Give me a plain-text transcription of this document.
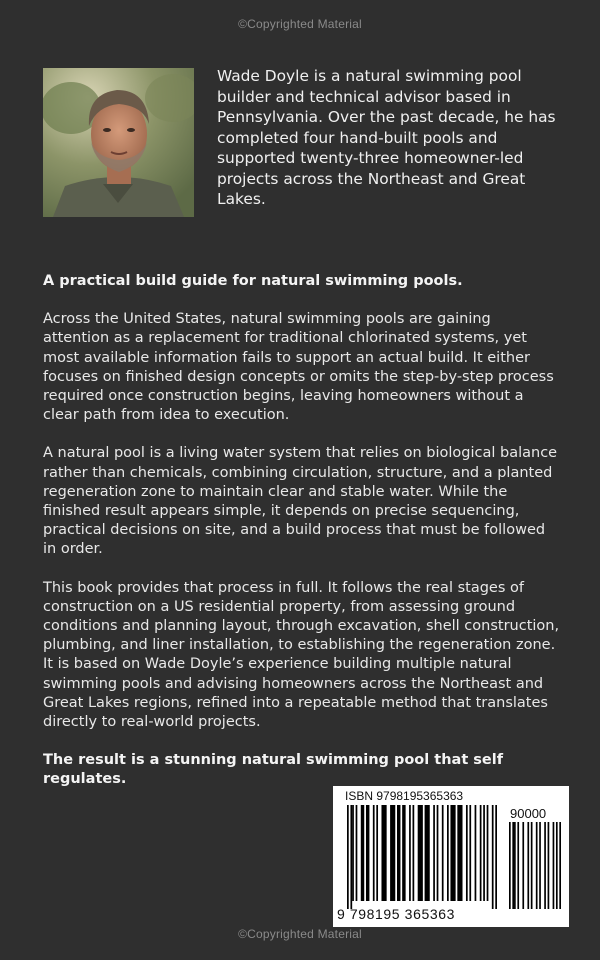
©Copyrighted Material

Wade Doyle is a natural swimming pool builder and technical advisor based in Pennsylvania. Over the past decade, he has completed four hand-built pools and supported twenty-three homeowner-led projects across the Northeast and Great Lakes.

A practical build guide for natural swimming pools.

Across the United States, natural swimming pools are gaining attention as a replacement for traditional chlorinated systems, yet most available information fails to support an actual build. It either focuses on finished design concepts or omits the step-by-step process required once construction begins, leaving homeowners without a clear path from idea to execution.

A natural pool is a living water system that relies on biological balance rather than chemicals, combining circulation, structure, and a planted regeneration zone to maintain clear and stable water. While the finished result appears simple, it depends on precise sequencing, practical decisions on site, and a build process that must be followed in order.

This book provides that process in full. It follows the real stages of construction on a US residential property, from assessing ground conditions and planning layout, through excavation, shell construction, plumbing, and liner installation, to establishing the regeneration zone. It is based on Wade Doyle’s experience building multiple natural swimming pools and advising homeowners across the Northeast and Great Lakes regions, refined into a repeatable method that translates directly to real-world projects.

The result is a stunning natural swimming pool that self regulates.

ISBN 9798195365363
90000
9 798195 365363
©Copyrighted Material
